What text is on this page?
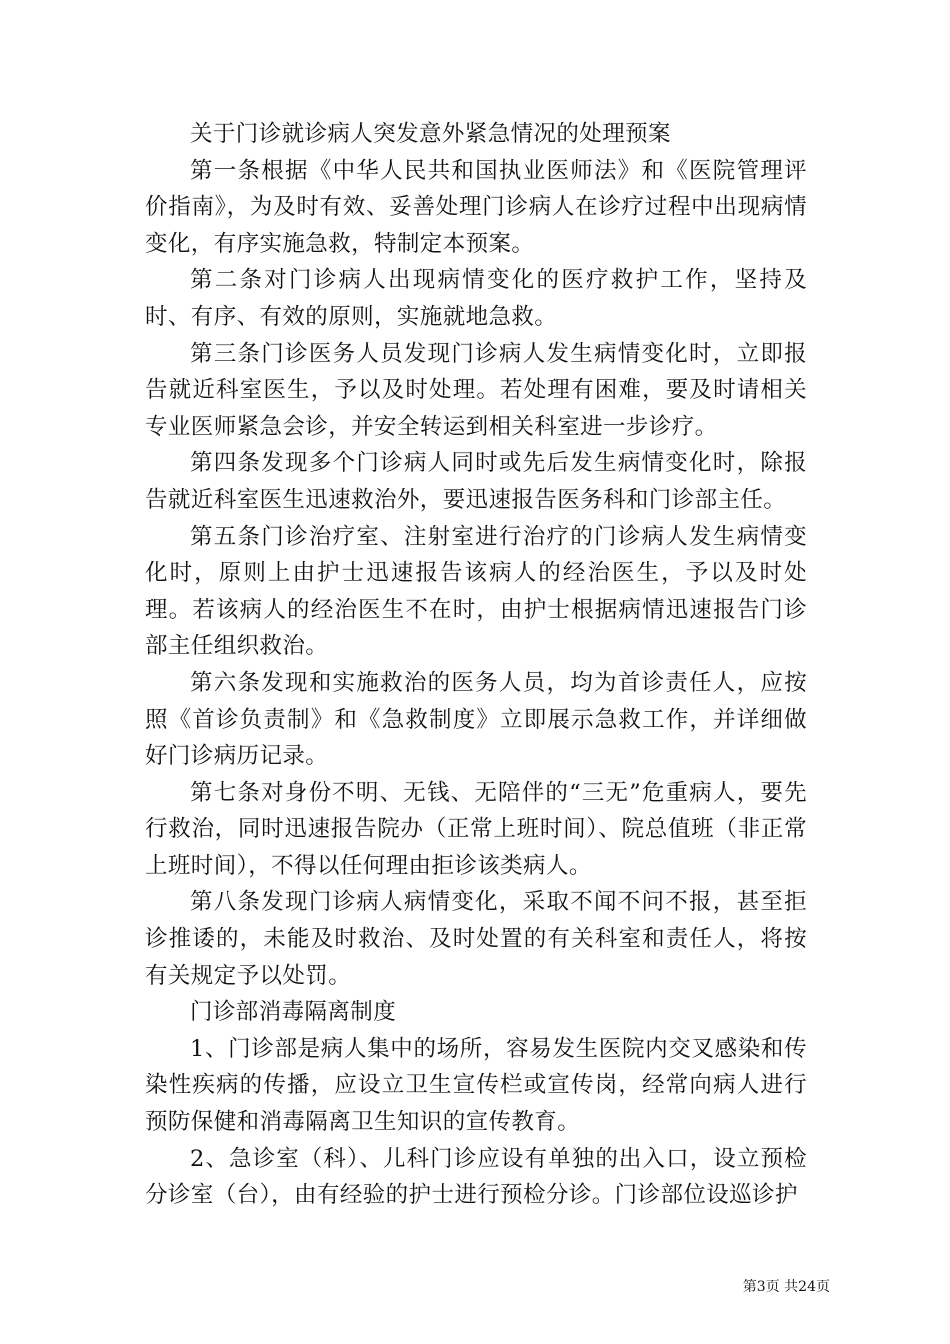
关于门诊就诊病人突发意外紧急情况的处理预案

第一条根据《中华人民共和国执业医师法》和《医院管理评价指南》，为及时有效、妥善处理门诊病人在诊疗过程中出现病情变化，有序实施急救，特制定本预案。

第二条对门诊病人出现病情变化的医疗救护工作，坚持及时、有序、有效的原则，实施就地急救。

第三条门诊医务人员发现门诊病人发生病情变化时，立即报告就近科室医生，予以及时处理。若处理有困难，要及时请相关专业医师紧急会诊，并安全转运到相关科室进一步诊疗。

第四条发现多个门诊病人同时或先后发生病情变化时，除报告就近科室医生迅速救治外，要迅速报告医务科和门诊部主任。

第五条门诊治疗室、注射室进行治疗的门诊病人发生病情变化时，原则上由护士迅速报告该病人的经治医生，予以及时处理。若该病人的经治医生不在时，由护士根据病情迅速报告门诊部主任组织救治。

第六条发现和实施救治的医务人员，均为首诊责任人，应按照《首诊负责制》和《急救制度》立即展示急救工作，并详细做好门诊病历记录。

第七条对身份不明、无钱、无陪伴的“三无”危重病人，要先行救治，同时迅速报告院办（正常上班时间）、院总值班（非正常上班时间），不得以任何理由拒诊该类病人。

第八条发现门诊病人病情变化，采取不闻不问不报，甚至拒诊推诿的，未能及时救治、及时处置的有关科室和责任人，将按有关规定予以处罚。

门诊部消毒隔离制度

1、门诊部是病人集中的场所，容易发生医院内交叉感染和传染性疾病的传播，应设立卫生宣传栏或宣传岗，经常向病人进行预防保健和消毒隔离卫生知识的宣传教育。

2、急诊室（科）、儿科门诊应设有单独的出入口，设立预检分诊室（台），由有经验的护士进行预检分诊。门诊部位设巡诊护

第3页 共24页
